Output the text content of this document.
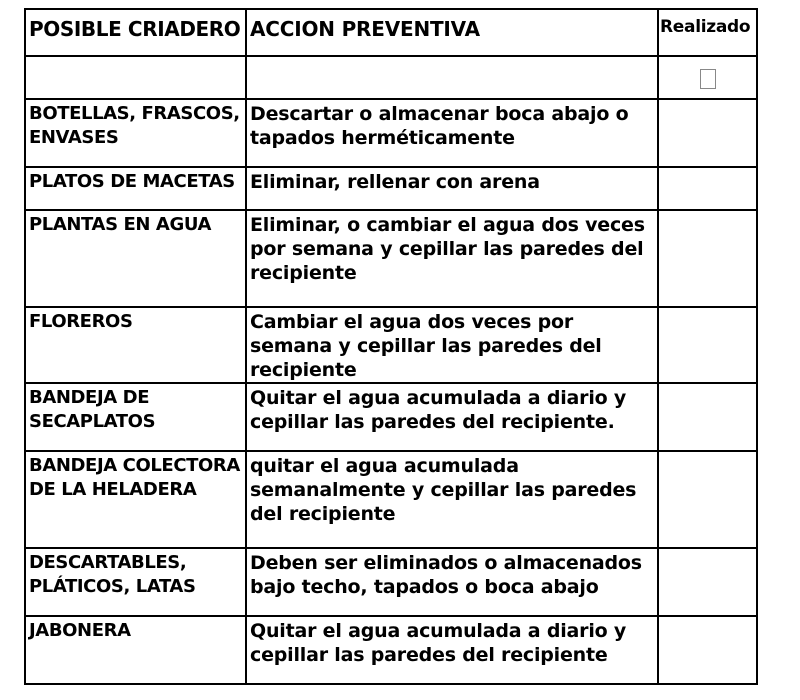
POSIBLE CRIADERO	ACCION PREVENTIVA	Realizado

BOTELLAS, FRASCOS, ENVASES	Descartar o almacenar boca abajo o tapados herméticamente	
PLATOS DE MACETAS	Eliminar, rellenar con arena	
PLANTAS EN AGUA	Eliminar, o cambiar el agua dos veces por semana y cepillar las paredes del recipiente	
FLOREROS	Cambiar el agua dos veces por semana y cepillar las paredes del recipiente	
BANDEJA DE SECAPLATOS	Quitar el agua acumulada a diario y cepillar las paredes del recipiente.	
BANDEJA COLECTORA DE LA HELADERA	quitar el agua acumulada semanalmente y cepillar las paredes del recipiente	
DESCARTABLES, PLÁTICOS, LATAS	Deben ser eliminados o almacenados bajo techo, tapados o boca abajo	
JABONERA	Quitar el agua acumulada a diario y cepillar las paredes del recipiente	
